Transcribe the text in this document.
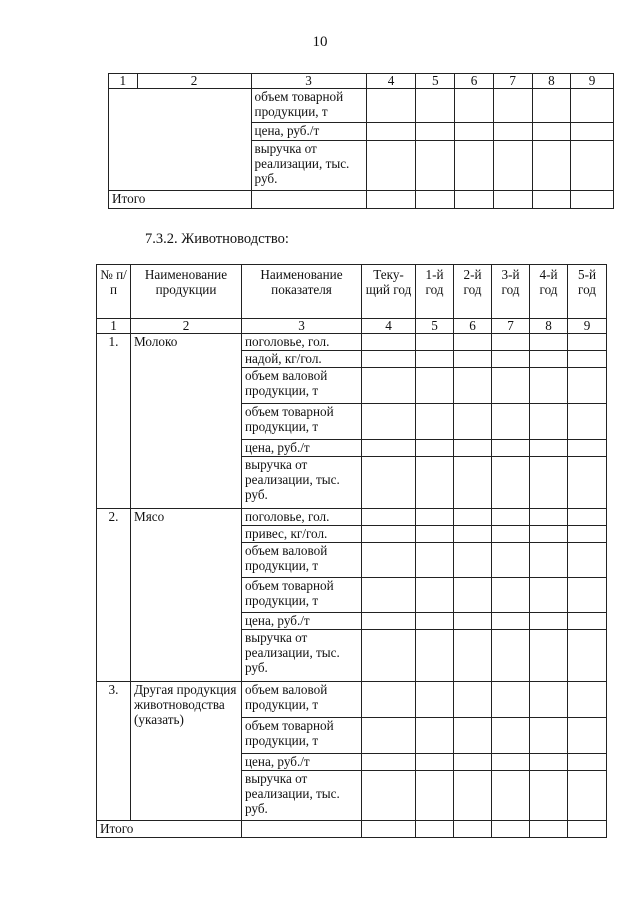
10
1	2	3	4	5	6	7	8	9
		объем товарной продукции, т						
		цена, руб./т						
		выручка от реализации, тыс. руб.						
Итого								
7.3.2. Животноводство:
№ п/п	Наименование продукции	Наименование показателя	Теку-щий год	1-й год	2-й год	3-й год	4-й год	5-й год
1	2	3	4	5	6	7	8	9
1.	Молоко	поголовье, гол.						
		надой, кг/гол.						
		объем валовой продукции, т						
		объем товарной продукции, т						
		цена, руб./т						
		выручка от реализации, тыс. руб.						
2.	Мясо	поголовье, гол.						
		привес, кг/гол.						
		объем валовой продукции, т						
		объем товарной продукции, т						
		цена, руб./т						
		выручка от реализации, тыс. руб.						
3.	Другая продукция животноводства (указать)	объем валовой продукции, т						
		объем товарной продукции, т						
		цена, руб./т						
		выручка от реализации, тыс. руб.						
Итого								
